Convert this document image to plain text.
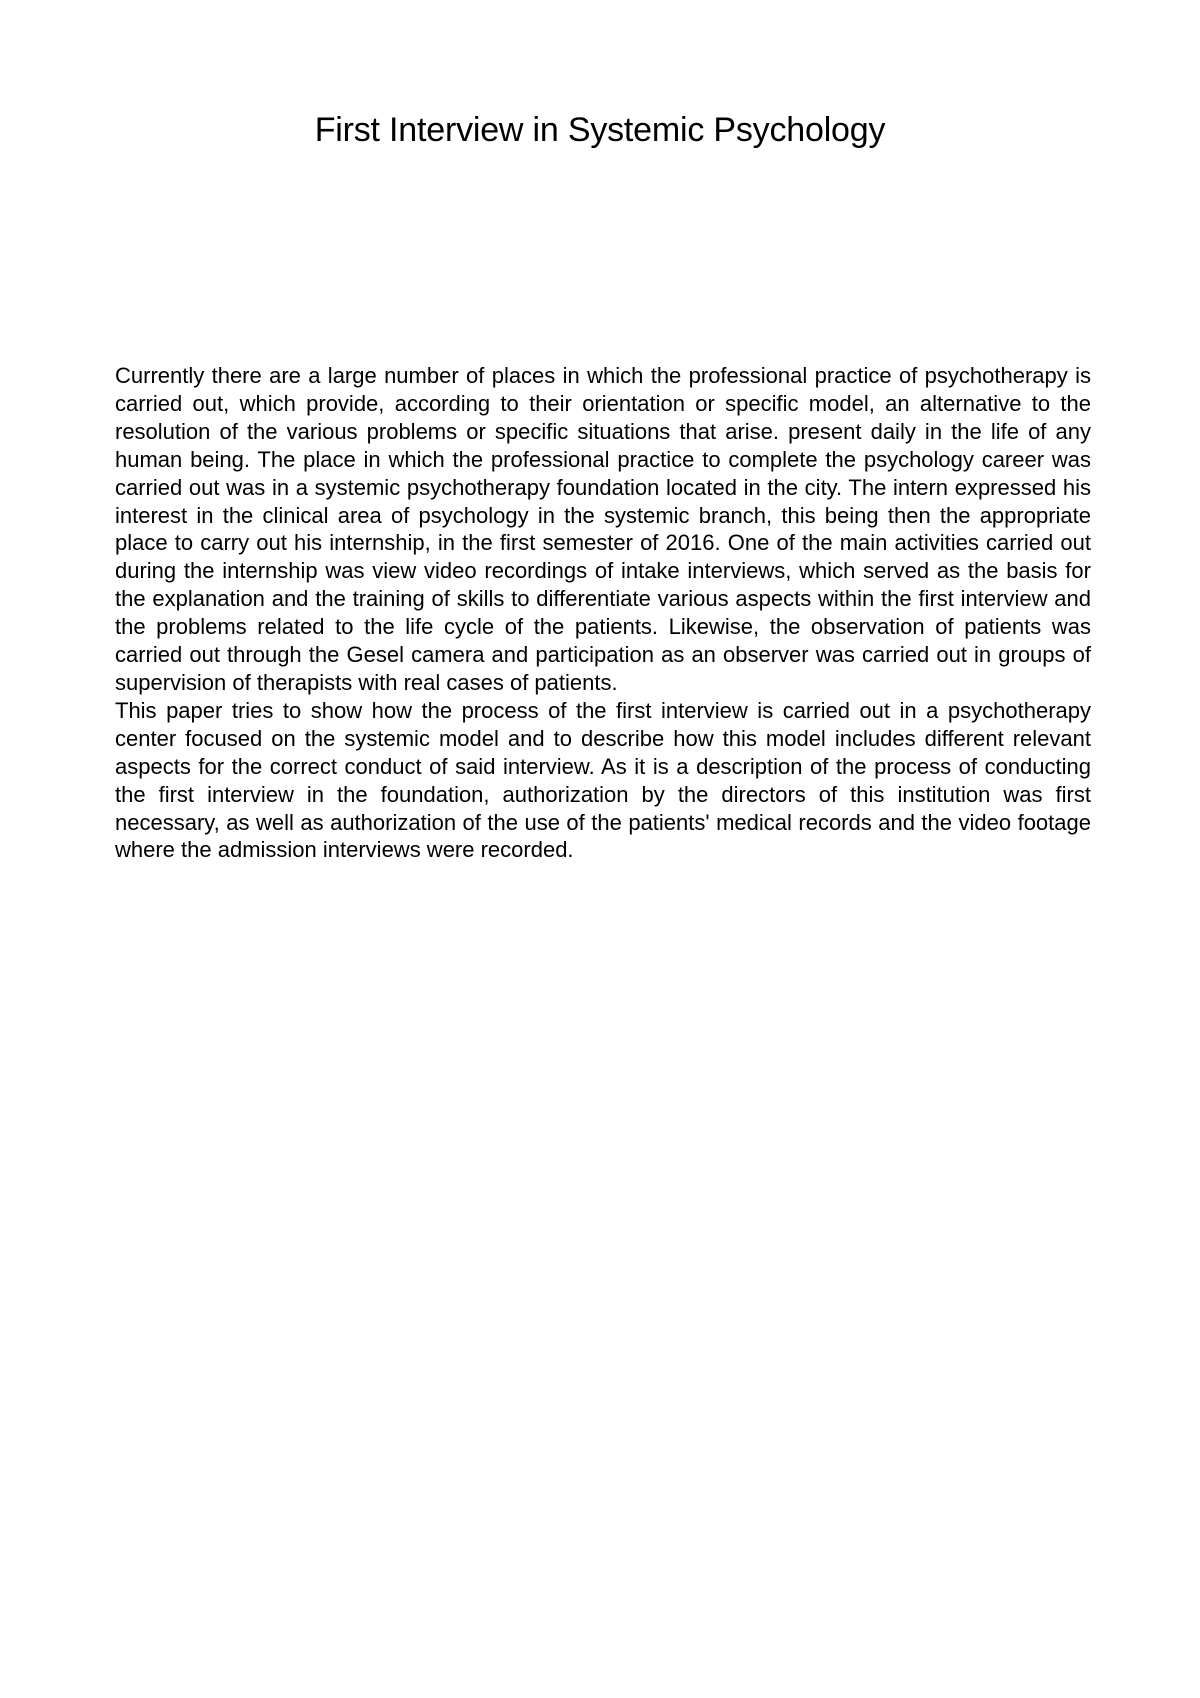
First Interview in Systemic Psychology

Currently there are a large number of places in which the professional practice of psychotherapy is carried out, which provide, according to their orientation or specific model, an alternative to the resolution of the various problems or specific situations that arise. present daily in the life of any human being. The place in which the professional practice to complete the psychology career was carried out was in a systemic psychotherapy foundation located in the city. The intern expressed his interest in the clinical area of psychology in the systemic branch, this being then the appropriate place to carry out his internship, in the first semester of 2016. One of the main activities carried out during the internship was view video recordings of intake interviews, which served as the basis for the explanation and the training of skills to differentiate various aspects within the first interview and the problems related to the life cycle of the patients. Likewise, the observation of patients was carried out through the Gesel camera and participation as an observer was carried out in groups of supervision of therapists with real cases of patients.

This paper tries to show how the process of the first interview is carried out in a psychotherapy center focused on the systemic model and to describe how this model includes different relevant aspects for the correct conduct of said interview. As it is a description of the process of conducting the first interview in the foundation, authorization by the directors of this institution was first necessary, as well as authorization of the use of the patients' medical records and the video footage where the admission interviews were recorded.
